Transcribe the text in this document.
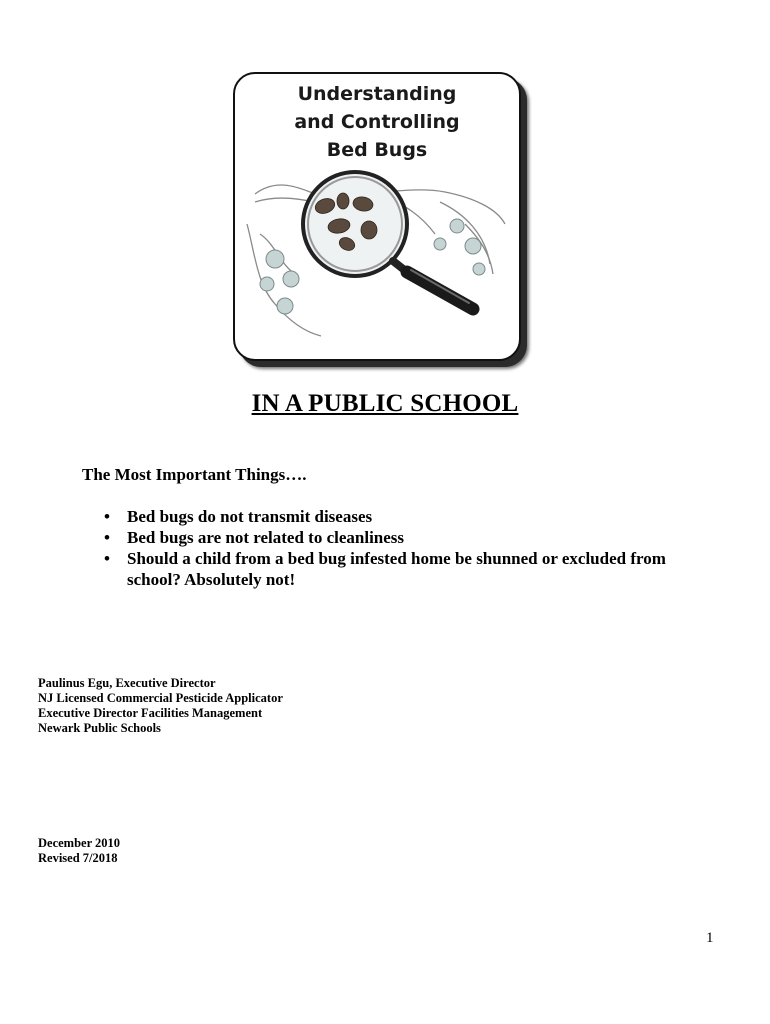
Understanding
and Controlling
Bed Bugs
IN A PUBLIC SCHOOL
The Most Important Things….
• Bed bugs do not transmit diseases
• Bed bugs are not related to cleanliness
• Should a child from a bed bug infested home be shunned or excluded from school? Absolutely not!
Paulinus Egu, Executive Director
NJ Licensed Commercial Pesticide Applicator
Executive Director Facilities Management
Newark Public Schools
December 2010
Revised 7/2018
1
